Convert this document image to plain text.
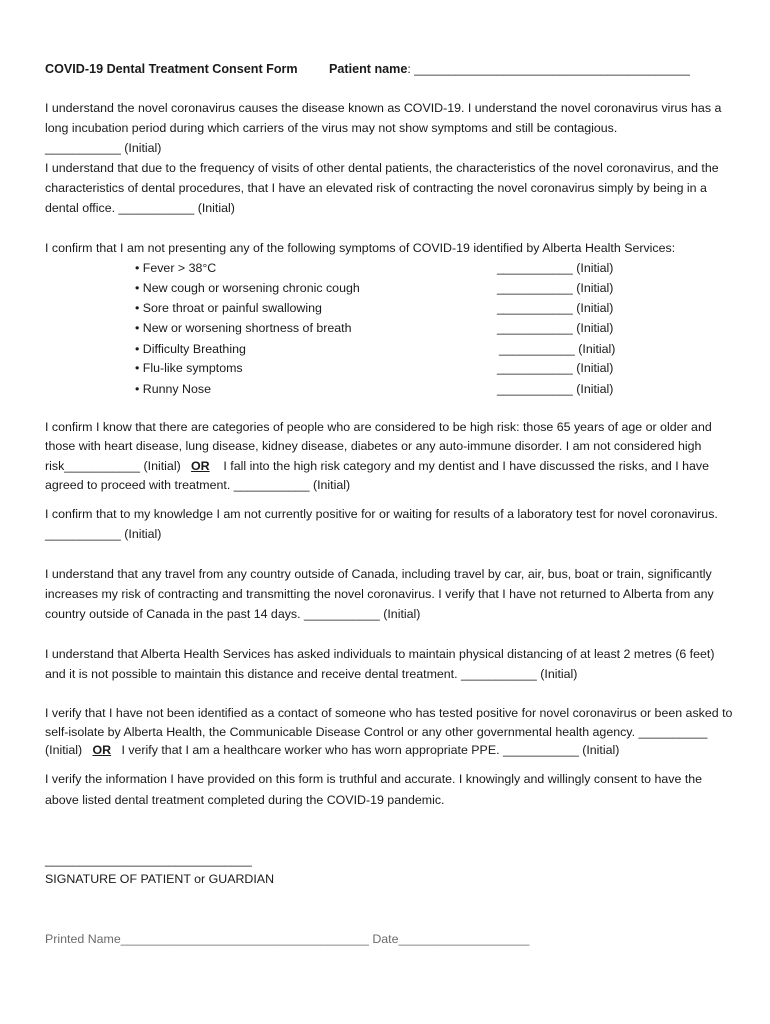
COVID-19 Dental Treatment Consent Form Patient name: ________________________________________

I understand the novel coronavirus causes the disease known as COVID-19. I understand the novel coronavirus virus has a long incubation period during which carriers of the virus may not show symptoms and still be contagious.

___________ (Initial)

I understand that due to the frequency of visits of other dental patients, the characteristics of the novel coronavirus, and the characteristics of dental procedures, that I have an elevated risk of contracting the novel coronavirus simply by being in a dental office. ___________ (Initial)

I confirm that I am not presenting any of the following symptoms of COVID-19 identified by Alberta Health Services:

• Fever > 38°C	___________ (Initial)
• New cough or worsening chronic cough	___________ (Initial)
• Sore throat or painful swallowing	___________ (Initial)
• New or worsening shortness of breath	___________ (Initial)
• Difficulty Breathing	___________ (Initial)
• Flu-like symptoms	___________ (Initial)
• Runny Nose	___________ (Initial)

I confirm I know that there are categories of people who are considered to be high risk: those 65 years of age or older and those with heart disease, lung disease, kidney disease, diabetes or any auto-immune disorder. I am not considered high risk___________ (Initial) OR I fall into the high risk category and my dentist and I have discussed the risks, and I have agreed to proceed with treatment. ___________ (Initial)

I confirm that to my knowledge I am not currently positive for or waiting for results of a laboratory test for novel coronavirus. ___________ (Initial)

I understand that any travel from any country outside of Canada, including travel by car, air, bus, boat or train, significantly increases my risk of contracting and transmitting the novel coronavirus. I verify that I have not returned to Alberta from any country outside of Canada in the past 14 days. ___________ (Initial)

I understand that Alberta Health Services has asked individuals to maintain physical distancing of at least 2 metres (6 feet) and it is not possible to maintain this distance and receive dental treatment. ___________ (Initial)

I verify that I have not been identified as a contact of someone who has tested positive for novel coronavirus or been asked to self-isolate by Alberta Health, the Communicable Disease Control or any other governmental health agency. __________ (Initial) OR I verify that I am a healthcare worker who has worn appropriate PPE. ___________ (Initial)

I verify the information I have provided on this form is truthful and accurate. I knowingly and willingly consent to have the above listed dental treatment completed during the COVID-19 pandemic.

______________________________
SIGNATURE OF PATIENT or GUARDIAN
Printed Name____________________________________ Date___________________
